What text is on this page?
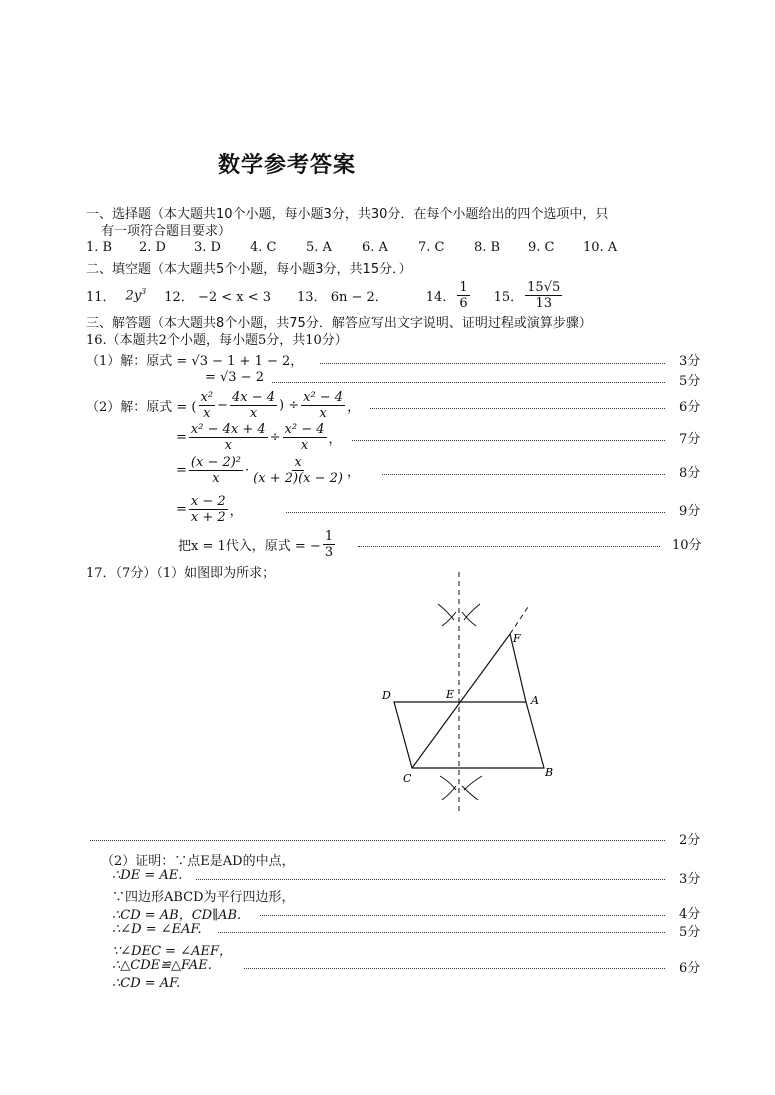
数学参考答案
一、选择题（本大题共10个小题，每小题3分，共30分．在每个小题给出的四个选项中，只
有一项符合题目要求）
1. B 2. D 3. D 4. C 5. A 6. A 7. C 8. B 9. C 10. A
二、填空题（本大题共5个小题，每小题3分，共15分．）
11． $2y^3$ 12． −2 < x < 3 13． 6n − 2．	14． $\frac{1}{6} 15$． $\frac{15√5}{13}$
三、解答题（本大题共8个小题，共75分．解答应写出文字说明、证明过程或演算步骤）
16.（本题共2个小题，每小题5分，共10分）
（1）解：原式 = √3 − 1 + 1 − 2，	3分
= √3 − 2	5分
（2）解：原式 = ( $\frac{\text{x²}}{x} - \frac{4x - 4}{x}$ ) ÷ $\frac{\text{x² − 4}}{x}$ ，	6分
= $\frac{\text{x² − 4x + 4}}{x} \div \frac{\text{x² − 4}}{x}$ ，	7分
= $\frac{\text{(x − 2)²}}{x} \cdot \frac{x}{(x + 2)(x - 2)}$ ，	8分
= $\frac{x - 2}{x + 2}$ ，	9分
把x = 1代入，原式 = − $\frac{1}{3}$	10分
17．（7分）（1）如图即为所求；
D	E	A
C	B
F
2分
（2）证明：∵点E是AD的中点，
∴DE = AE.	3分
∵四边形ABCD为平行四边形，
∴CD = AB，CD∥AB.	4分
∴∠D = ∠EAF.	5分
∵∠DEC = ∠AEF，
∴△CDE≌△FAE.	6分
∴CD = AF.
